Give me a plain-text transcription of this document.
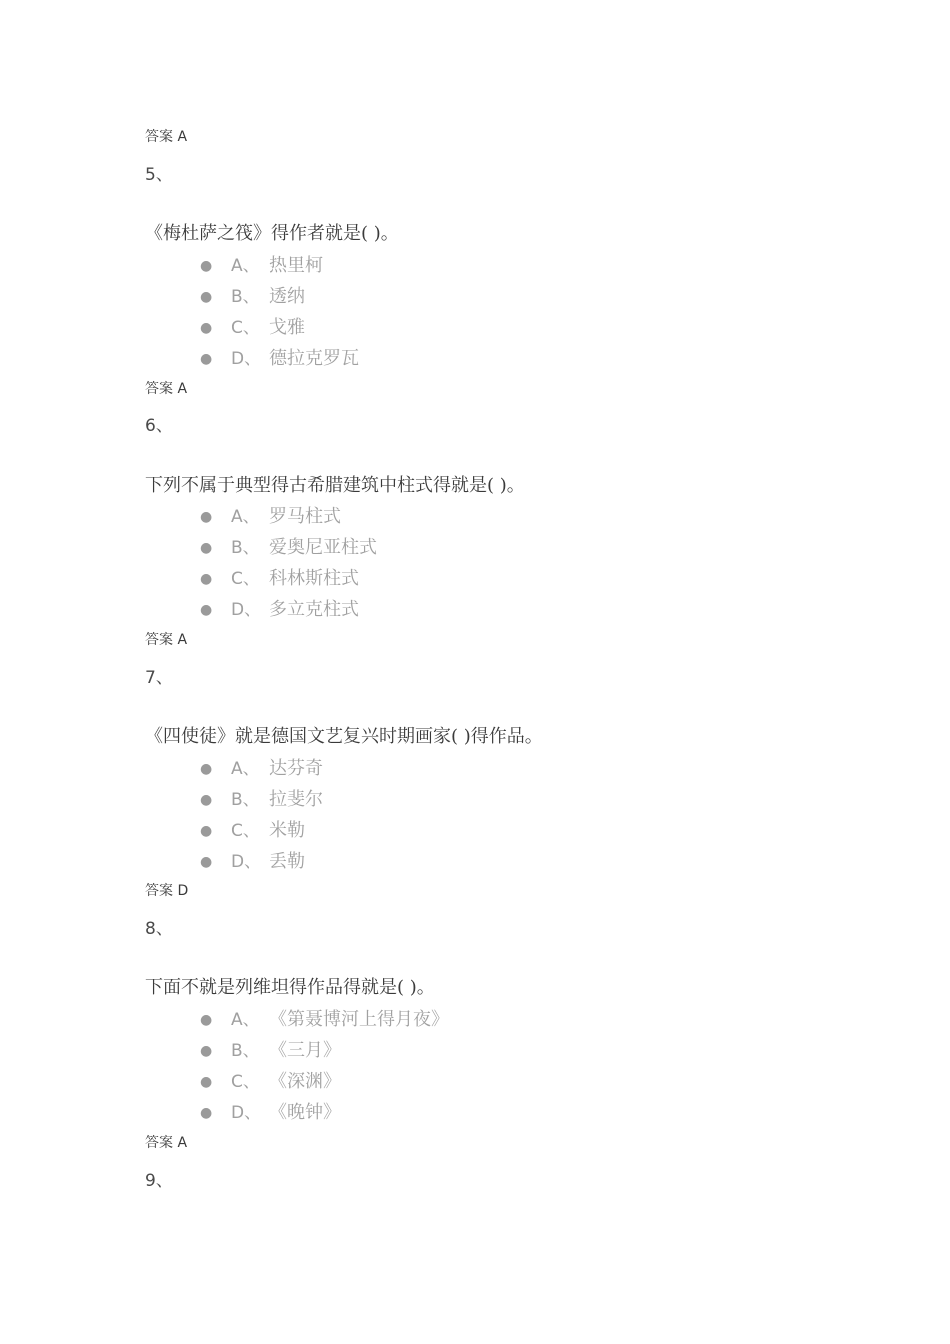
答案 A
5、
《梅杜萨之筏》得作者就是( )。
● A、 热里柯
● B、 透纳
● C、 戈雅
● D、 德拉克罗瓦
答案 A
6、
下列不属于典型得古希腊建筑中柱式得就是( )。
● A、 罗马柱式
● B、 爱奥尼亚柱式
● C、 科林斯柱式
● D、 多立克柱式
答案 A
7、
《四使徒》就是德国文艺复兴时期画家( )得作品。
● A、 达芬奇
● B、 拉斐尔
● C、 米勒
● D、 丢勒
答案 D
8、
下面不就是列维坦得作品得就是( )。
● A、 《第聂博河上得月夜》
● B、 《三月》
● C、 《深渊》
● D、 《晚钟》
答案 A
9、
